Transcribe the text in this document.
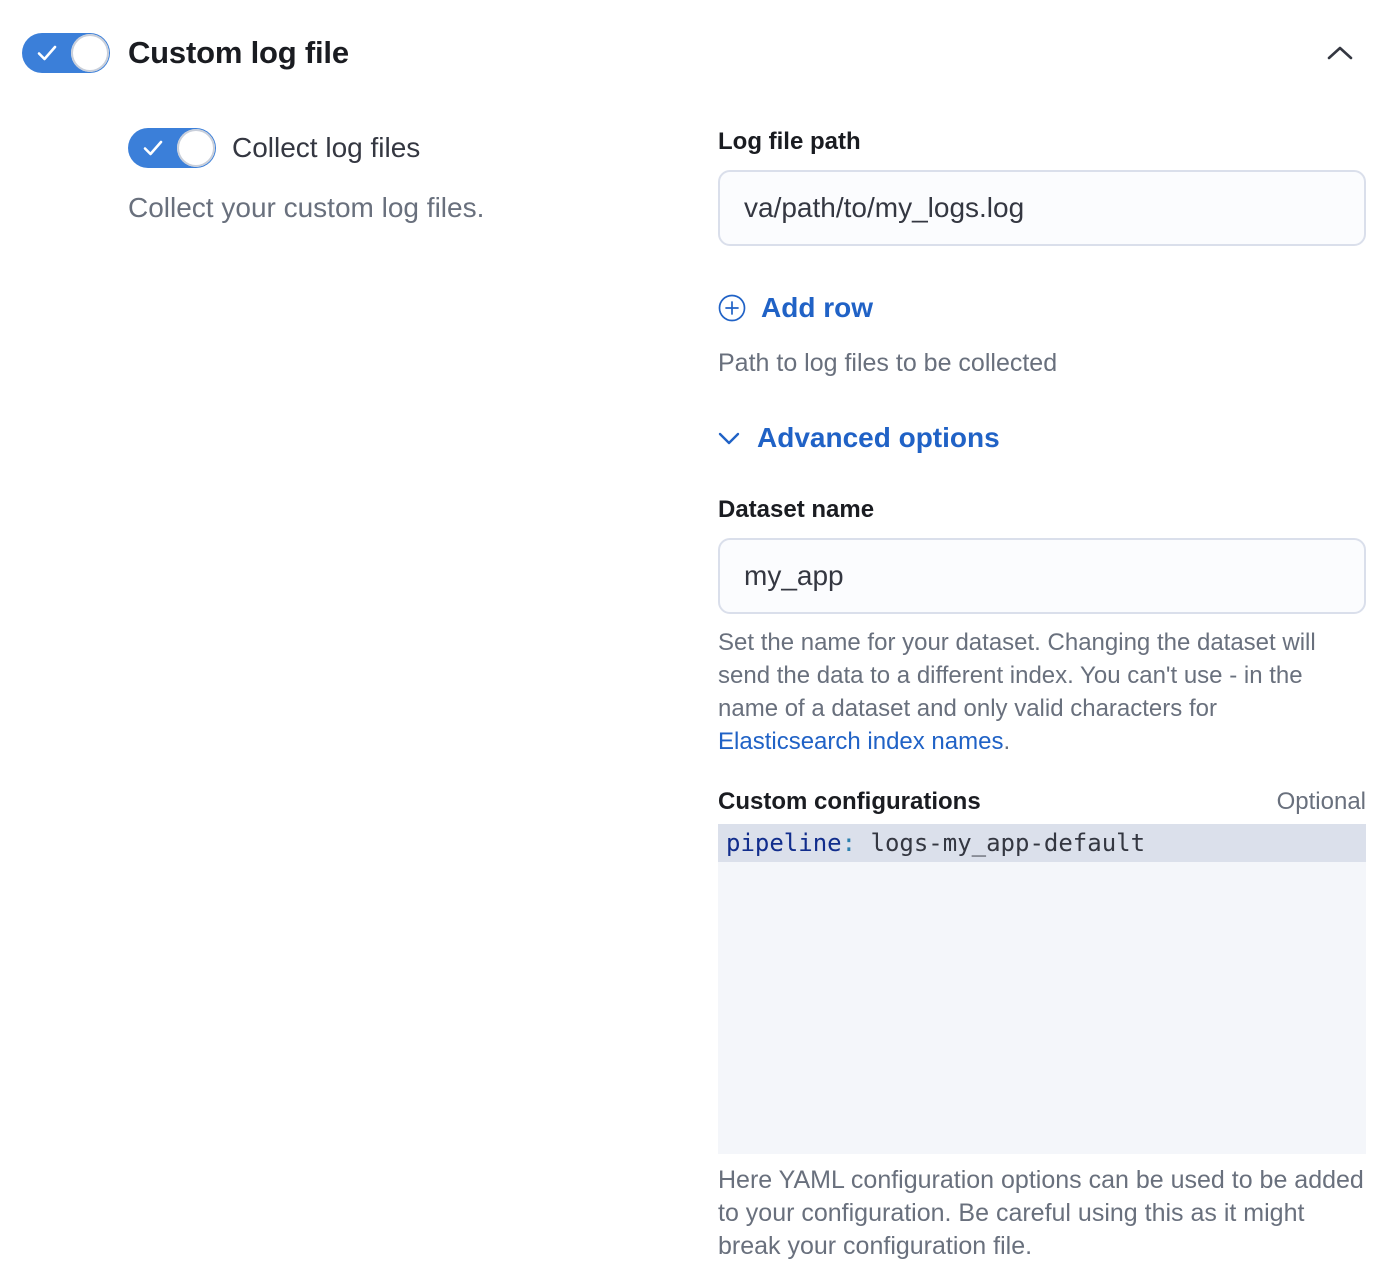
Custom log file
Collect log files

Collect your custom log files.

Log file path
va/path/to/my_logs.log
Add row

Path to log files to be collected

Advanced options
Dataset name
my_app

Set the name for your dataset. Changing the dataset will send the data to a different index. You can't use - in the name of a dataset and only valid characters for Elasticsearch index names.

Custom configurations	Optional
pipeline: logs-my_app-default

Here YAML configuration options can be used to be added to your configuration. Be careful using this as it might break your configuration file.
